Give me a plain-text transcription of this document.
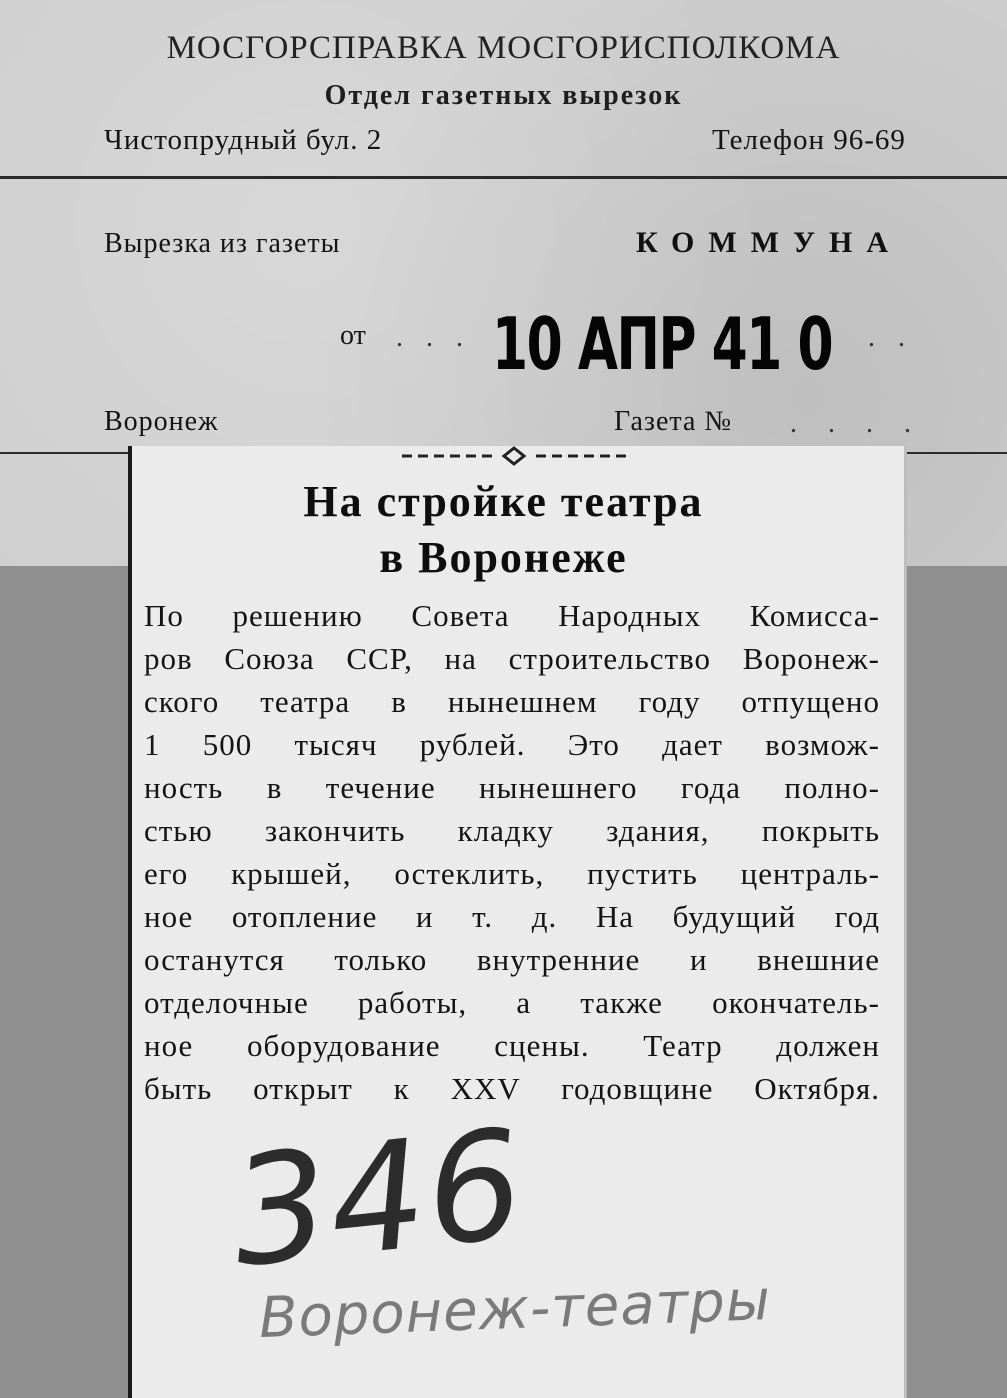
МОСГОРСПРАВКА МОСГОРИСПОЛКОМА
Отдел газетных вырезок
Чистопрудный бул. 2	Телефон 96-69
Вырезка из газеты	КОММУНА
от . . . 10 АПР 41 0 . .
Воронеж	Газета № . . . .
На стройке театра
в Воронеже
По решению Совета Народных Комисса-
ров Союза ССР, на строительство Воронеж-
ского театра в нынешнем году отпущено
1 500 тысяч рублей. Это дает возмож-
ность в течение нынешнего года полно-
стью закончить кладку здания, покрыть
его крышей, остеклить, пустить централь-
ное отопление и т. д. На будущий год
останутся только внутренние и внешние
отделочные работы, а также окончатель-
ное оборудование сцены. Театр должен
быть открыт к XXV годовщине Октября.
346
Воронеж-театры
